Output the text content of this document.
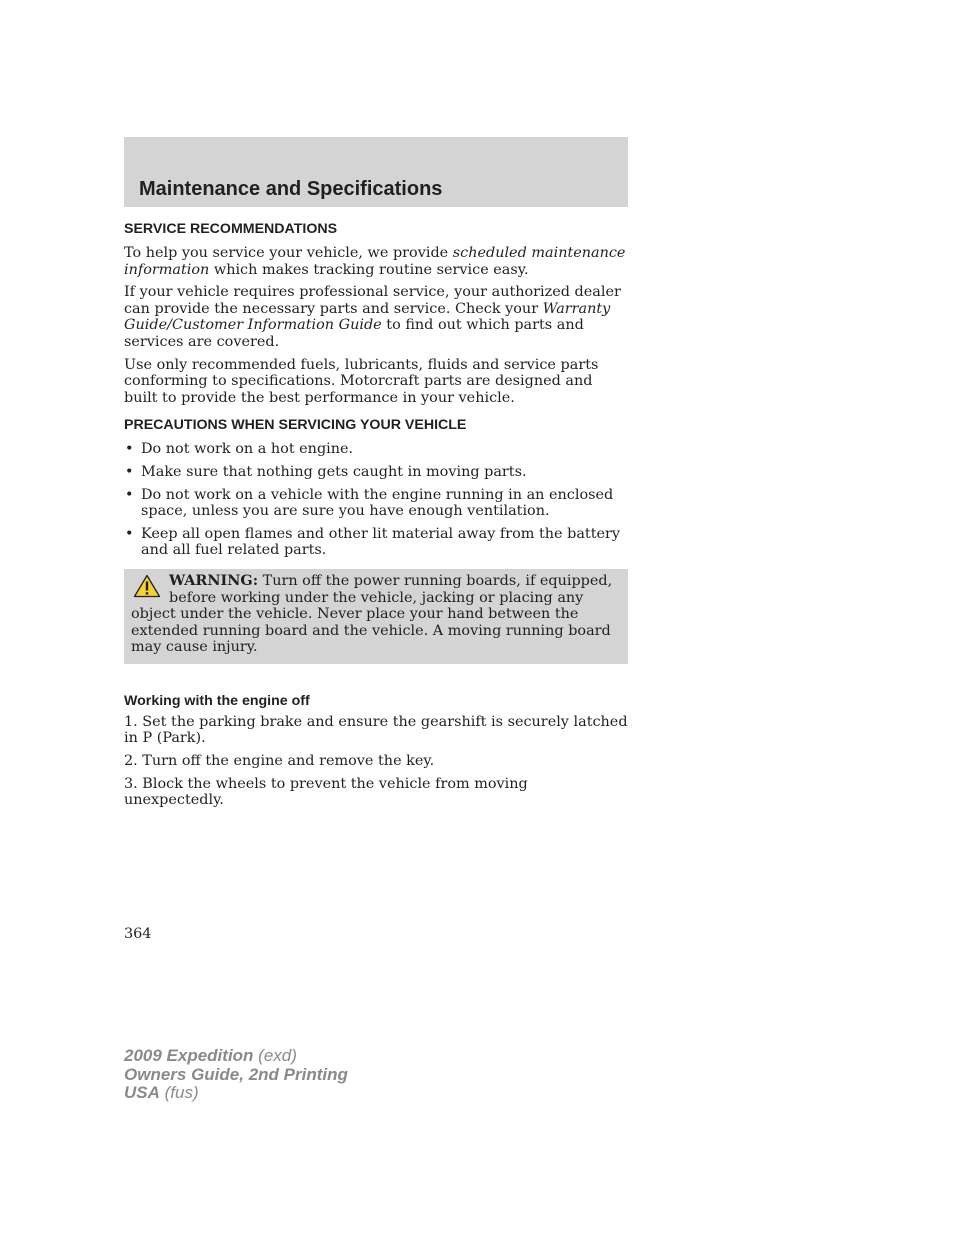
Maintenance and Specifications
SERVICE RECOMMENDATIONS

To help you service your vehicle, we provide scheduled maintenance information which makes tracking routine service easy.

If your vehicle requires professional service, your authorized dealer can provide the necessary parts and service. Check your Warranty Guide/Customer Information Guide to find out which parts and services are covered.

Use only recommended fuels, lubricants, fluids and service parts conforming to specifications. Motorcraft parts are designed and built to provide the best performance in your vehicle.

PRECAUTIONS WHEN SERVICING YOUR VEHICLE
• Do not work on a hot engine.
• Make sure that nothing gets caught in moving parts.
• Do not work on a vehicle with the engine running in an enclosed space, unless you are sure you have enough ventilation.
• Keep all open flames and other lit material away from the battery and all fuel related parts.
WARNING: Turn off the power running boards, if equipped, before working under the vehicle, jacking or placing any object under the vehicle. Never place your hand between the extended running board and the vehicle. A moving running board may cause injury.
Working with the engine off

1. Set the parking brake and ensure the gearshift is securely latched in P (Park).

2. Turn off the engine and remove the key.

3. Block the wheels to prevent the vehicle from moving unexpectedly.

364
2009 Expedition (exd)
Owners Guide, 2nd Printing
USA (fus)
